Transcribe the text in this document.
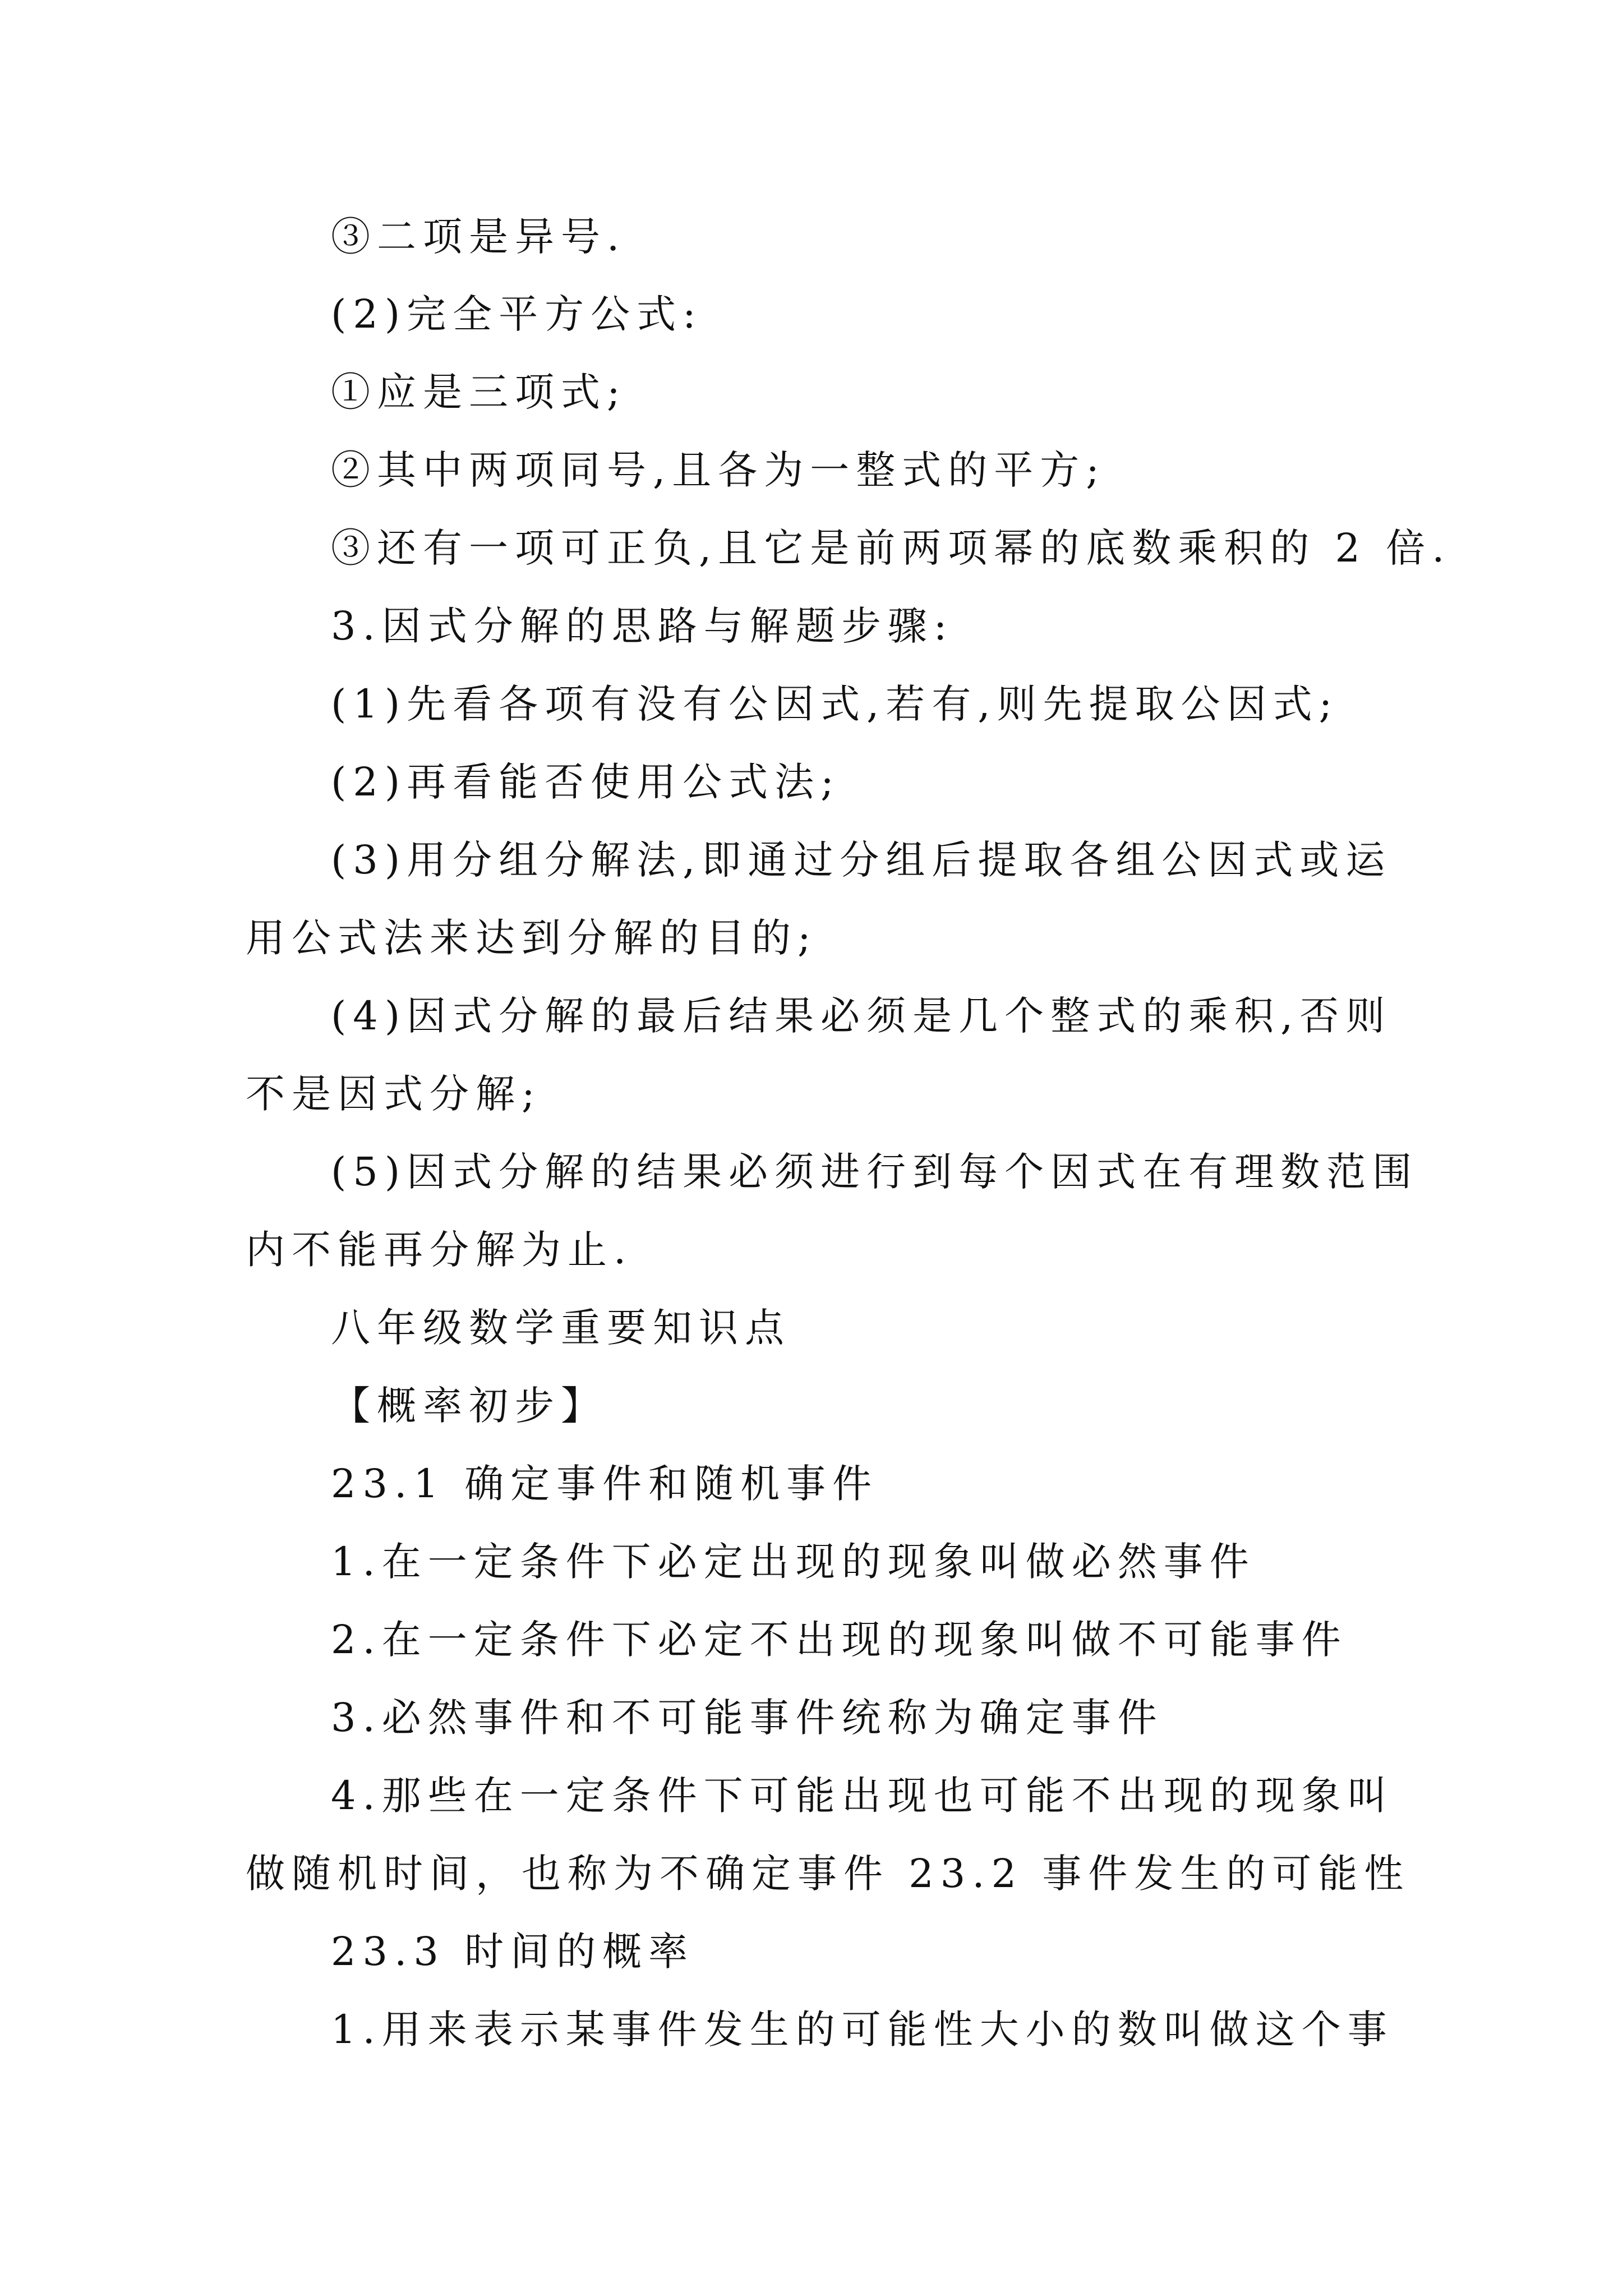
③二项是异号.
(2)完全平方公式:
①应是三项式;
②其中两项同号,且各为一整式的平方;
③还有一项可正负,且它是前两项幂的底数乘积的 2 倍.
3.因式分解的思路与解题步骤:
(1)先看各项有没有公因式,若有,则先提取公因式;
(2)再看能否使用公式法;
(3)用分组分解法,即通过分组后提取各组公因式或运
用公式法来达到分解的目的;
(4)因式分解的最后结果必须是几个整式的乘积,否则
不是因式分解;
(5)因式分解的结果必须进行到每个因式在有理数范围
内不能再分解为止.
八年级数学重要知识点
【概率初步】
23.1 确定事件和随机事件
1.在一定条件下必定出现的现象叫做必然事件
2.在一定条件下必定不出现的现象叫做不可能事件
3.必然事件和不可能事件统称为确定事件
4.那些在一定条件下可能出现也可能不出现的现象叫
做随机时间，也称为不确定事件 23.2 事件发生的可能性
23.3 时间的概率
1.用来表示某事件发生的可能性大小的数叫做这个事
